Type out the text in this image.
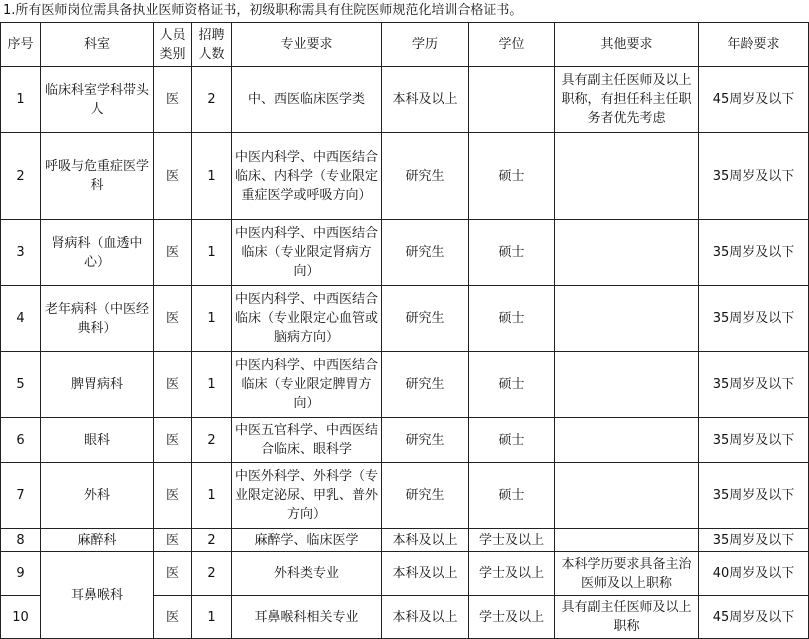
1.所有医师岗位需具备执业医师资格证书，初级职称需具有住院医师规范化培训合格证书。
序号	科室	人员类别	招聘人数	专业要求	学历	学位	其他要求	年龄要求
1	临床科室学科带头人	医	2	中、西医临床医学类	本科及以上		具有副主任医师及以上职称，有担任科主任职务者优先考虑	45周岁及以下
2	呼吸与危重症医学科	医	1	中医内科学、中西医结合临床、内科学（专业限定重症医学或呼吸方向）	研究生	硕士		35周岁及以下
3	肾病科（血透中心）	医	1	中医内科学、中西医结合临床（专业限定肾病方向）	研究生	硕士		35周岁及以下
4	老年病科（中医经典科）	医	1	中医内科学、中西医结合临床（专业限定心血管或脑病方向）	研究生	硕士		35周岁及以下
5	脾胃病科	医	1	中医内科学、中西医结合临床（专业限定脾胃方向）	研究生	硕士		35周岁及以下
6	眼科	医	2	中医五官科学、中西医结合临床、眼科学	研究生	硕士		35周岁及以下
7	外科	医	1	中医外科学、外科学（专业限定泌尿、甲乳、普外方向）	研究生	硕士		35周岁及以下
8	麻醉科	医	2	麻醉学、临床医学	本科及以上	学士及以上		35周岁及以下
9	耳鼻喉科	医	2	外科类专业	本科及以上	学士及以上	本科学历要求具备主治医师及以上职称	40周岁及以下
10		医	1	耳鼻喉科相关专业	本科及以上	学士及以上	具有副主任医师及以上职称	45周岁及以下
